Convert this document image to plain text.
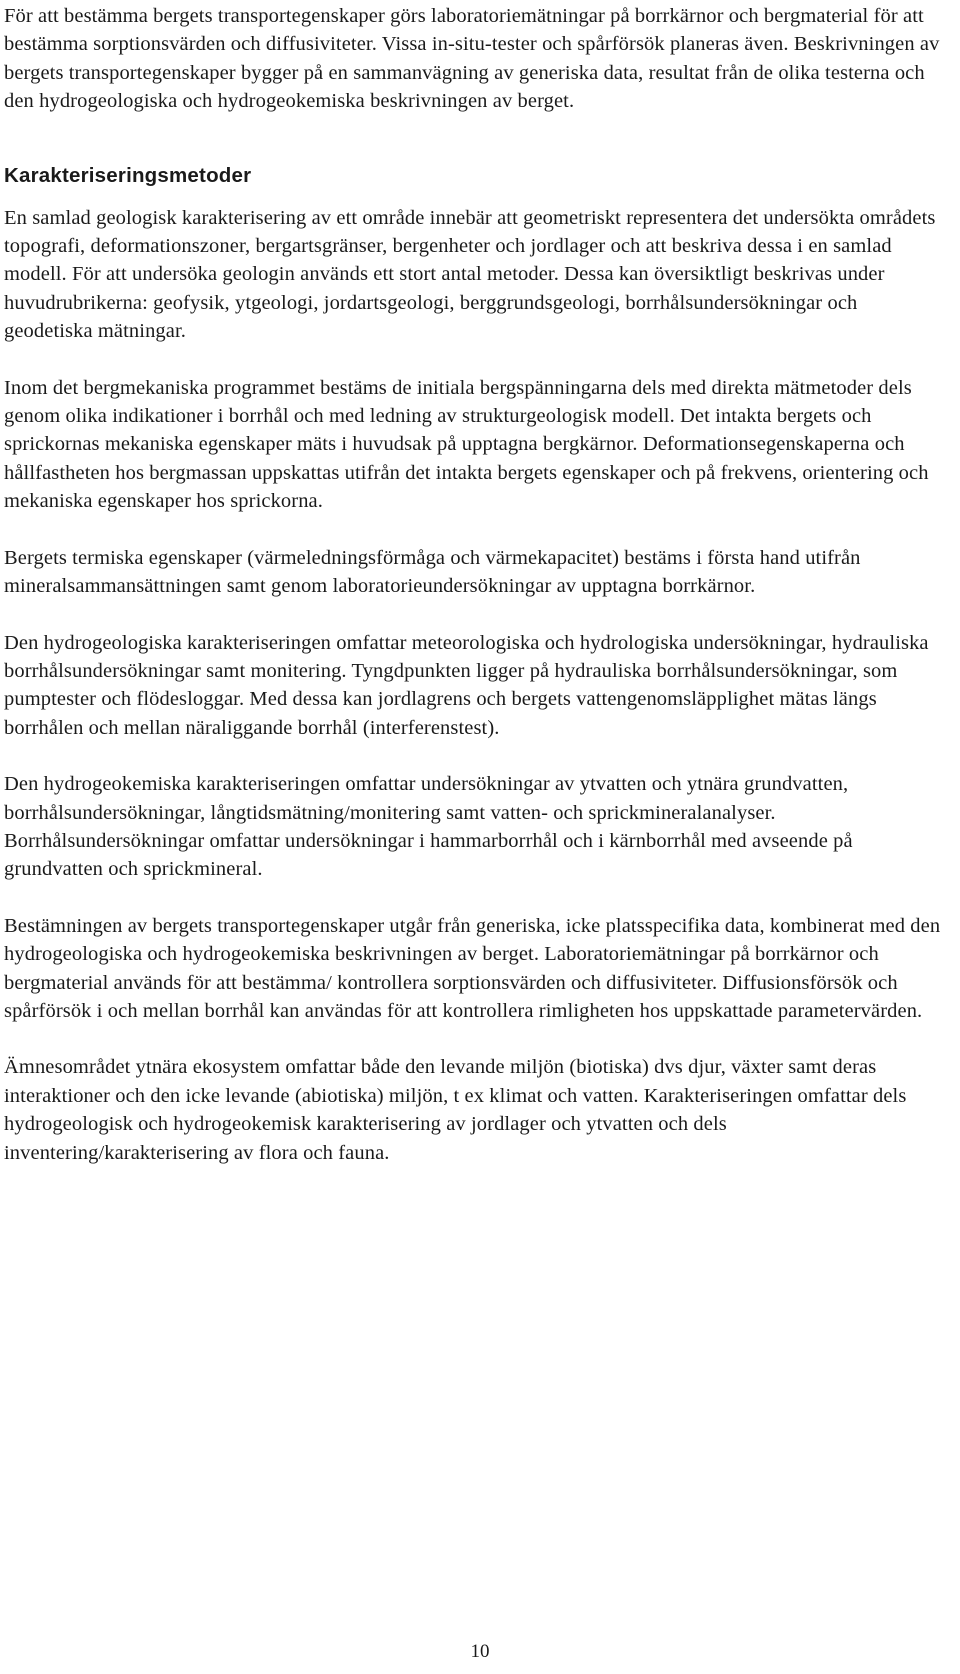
För att bestämma bergets transportegenskaper görs laboratoriemätningar på borrkärnor och bergmaterial för att bestämma sorptionsvärden och diffusiviteter. Vissa in-situ-tester och spårförsök planeras även. Beskrivningen av bergets transportegenskaper bygger på en sammanvägning av generiska data, resultat från de olika testerna och den hydrogeologiska och hydrogeokemiska beskrivningen av berget.

Karakteriseringsmetoder

En samlad geologisk karakterisering av ett område innebär att geometriskt representera det undersökta områdets topografi, deformationszoner, bergartsgränser, bergenheter och jordlager och att beskriva dessa i en samlad modell. För att undersöka geologin används ett stort antal metoder. Dessa kan översiktligt beskrivas under huvudrubrikerna: geofysik, ytgeologi, jordartsgeologi, berggrundsgeologi, borrhålsundersökningar och geodetiska mätningar.

Inom det bergmekaniska programmet bestäms de initiala bergspänningarna dels med direkta mätmetoder dels genom olika indikationer i borrhål och med ledning av strukturgeologisk modell. Det intakta bergets och sprickornas mekaniska egenskaper mäts i huvudsak på upptagna bergkärnor. Deformationsegenskaperna och hållfastheten hos bergmassan uppskattas utifrån det intakta bergets egenskaper och på frekvens, orientering och mekaniska egenskaper hos sprickorna.

Bergets termiska egenskaper (värmeledningsförmåga och värmekapacitet) bestäms i första hand utifrån mineralsammansättningen samt genom laboratorieundersökningar av upptagna borrkärnor.

Den hydrogeologiska karakteriseringen omfattar meteorologiska och hydrologiska undersökningar, hydrauliska borrhålsundersökningar samt monitering. Tyngdpunkten ligger på hydrauliska borrhålsundersökningar, som pumptester och flödesloggar. Med dessa kan jordlagrens och bergets vattengenomsläpplighet mätas längs borrhålen och mellan näraliggande borrhål (interferenstest).

Den hydrogeokemiska karakteriseringen omfattar undersökningar av ytvatten och ytnära grundvatten, borrhålsundersökningar, långtidsmätning/monitering samt vatten- och sprickmineralanalyser. Borrhålsundersökningar omfattar undersökningar i hammarborrhål och i kärnborrhål med avseende på grundvatten och sprickmineral.

Bestämningen av bergets transportegenskaper utgår från generiska, icke platsspecifika data, kombinerat med den hydrogeologiska och hydrogeokemiska beskrivningen av berget. Laboratoriemätningar på borrkärnor och bergmaterial används för att bestämma/ kontrollera sorptionsvärden och diffusiviteter. Diffusionsförsök och spårförsök i och mellan borrhål kan användas för att kontrollera rimligheten hos uppskattade parametervärden.

Ämnesområdet ytnära ekosystem omfattar både den levande miljön (biotiska) dvs djur, växter samt deras interaktioner och den icke levande (abiotiska) miljön, t ex klimat och vatten. Karakteriseringen omfattar dels hydrogeologisk och hydrogeokemisk karakterisering av jordlager och ytvatten och dels inventering/karakterisering av flora och fauna.

10
